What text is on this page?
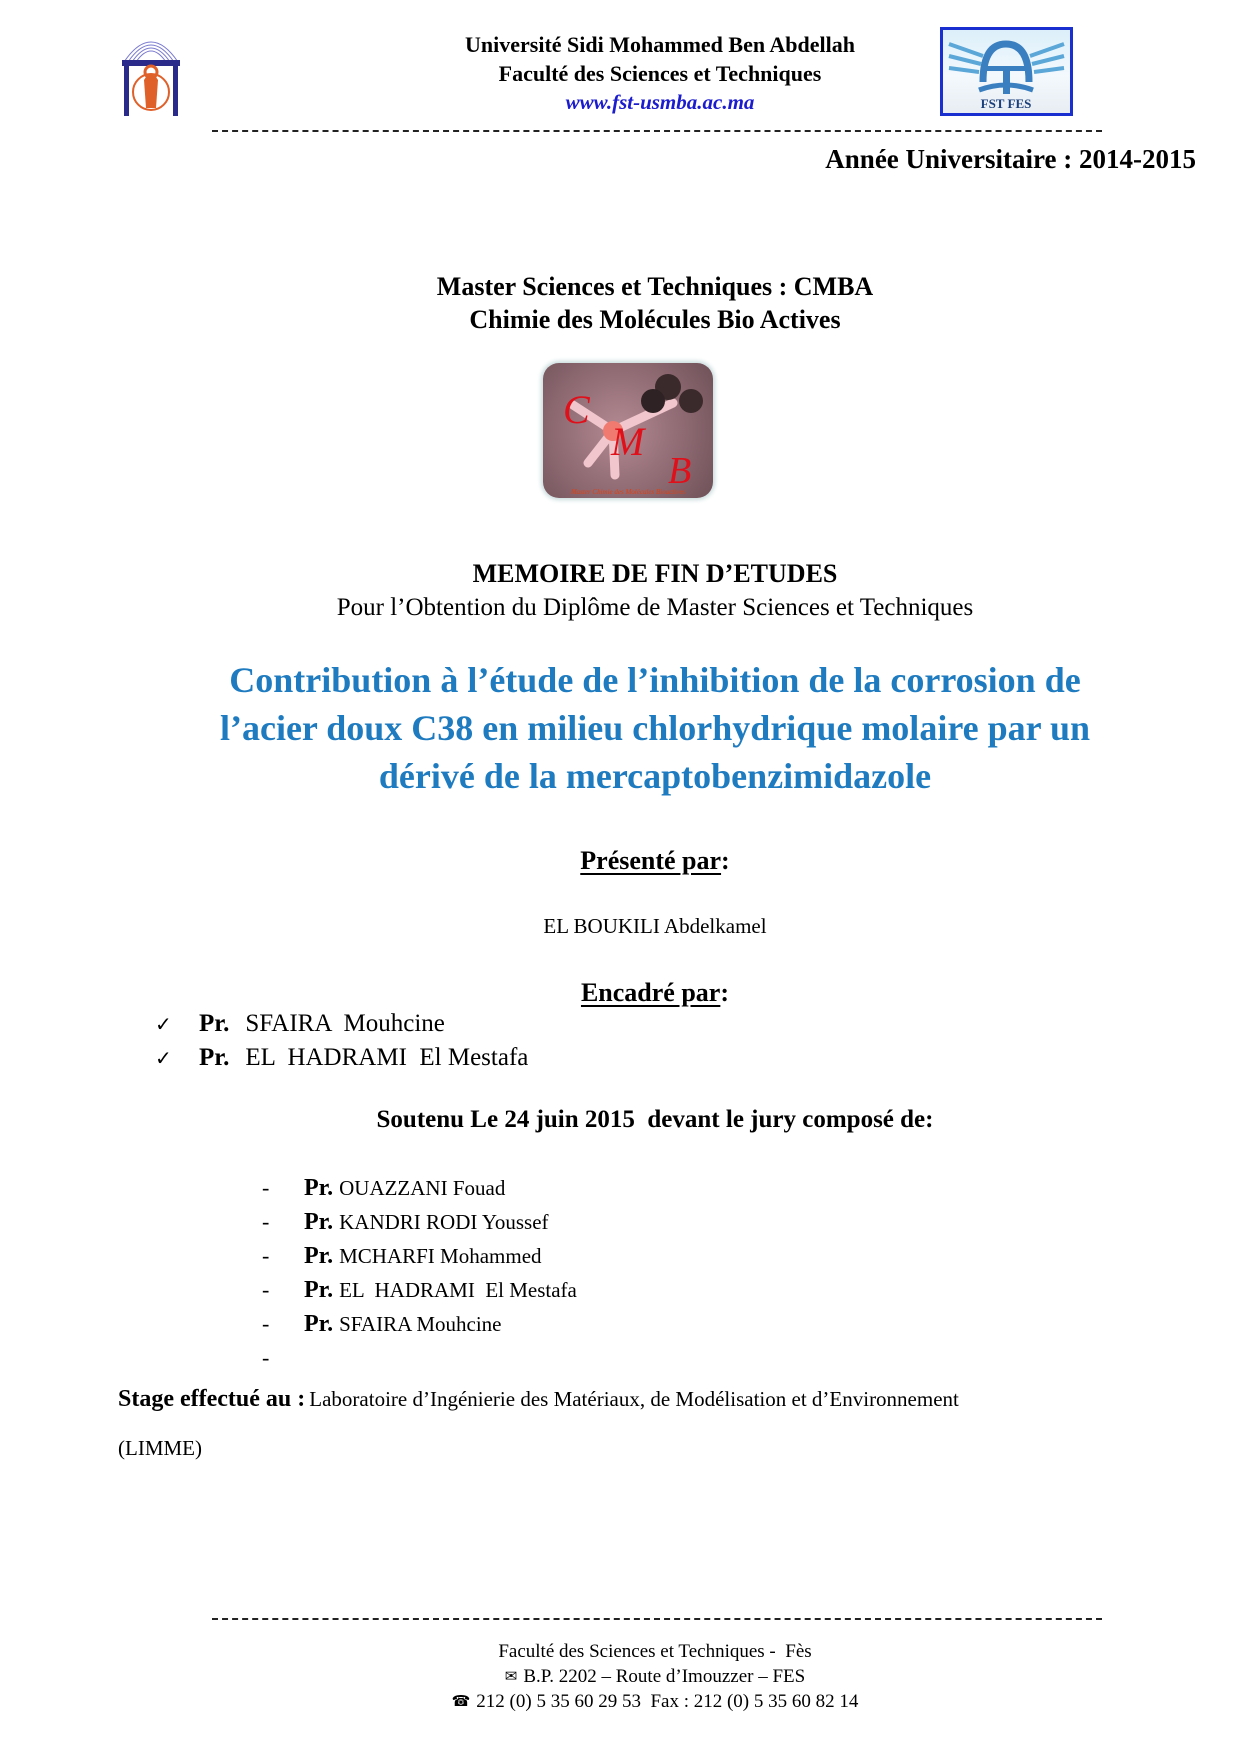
Université Sidi Mohammed Ben Abdellah
Faculté des Sciences et Techniques
www.fst-usmba.ac.ma	FST FES
Année Universitaire : 2014-2015
Master Sciences et Techniques : CMBA
Chimie des Molécules Bio Actives
C
M
B
Master Chimie des Molécules Bioactives
MEMOIRE DE FIN D’ETUDES
Pour l’Obtention du Diplôme de Master Sciences et Techniques
Contribution à l’étude de l’inhibition de la corrosion de
l’acier doux C38 en milieu chlorhydrique molaire par un
dérivé de la mercaptobenzimidazole
Présenté par:
EL BOUKILI Abdelkamel
Encadré par:
✓	Pr. SFAIRA  Mouhcine
✓	Pr. EL  HADRAMI  El Mestafa
Soutenu Le 24 juin 2015  devant le jury composé de:
-	Pr. OUAZZANI Fouad
-	Pr. KANDRI RODI Youssef
-	Pr. MCHARFI Mohammed
-	Pr. EL  HADRAMI  El Mestafa
-	Pr. SFAIRA Mouhcine
-
Stage effectué au : Laboratoire d’Ingénierie des Matériaux, de Modélisation et d’Environnement
(LIMME)
Faculté des Sciences et Techniques -  Fès
✉ B.P. 2202 – Route d’Imouzzer – FES
☎ 212 (0) 5 35 60 29 53  Fax : 212 (0) 5 35 60 82 14
